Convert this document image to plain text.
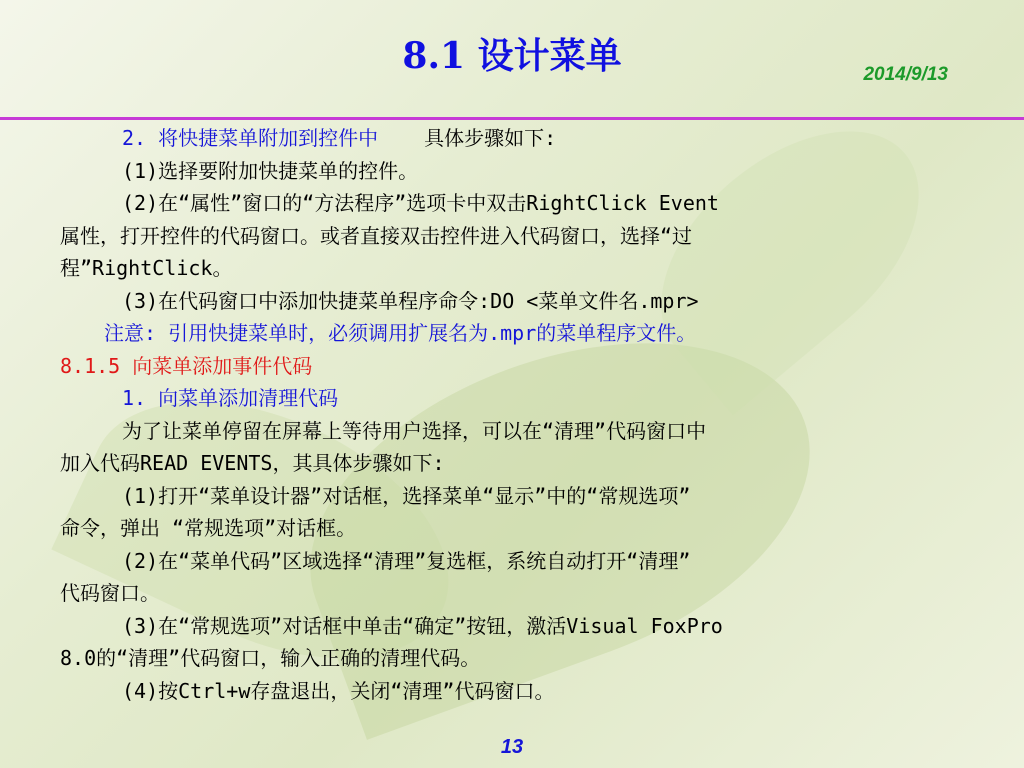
8.1 设计菜单	2014/9/13
2. 将快捷菜单附加到控件中 具体步骤如下:
(1)选择要附加快捷菜单的控件。
(2)在“属性”窗口的“方法程序”选项卡中双击RightClick Event
属性，打开控件的代码窗口。或者直接双击控件进入代码窗口，选择“过
程”RightClick。
(3)在代码窗口中添加快捷菜单程序命令:DO <菜单文件名.mpr>
注意: 引用快捷菜单时，必须调用扩展名为.mpr的菜单程序文件。
8.1.5 向菜单添加事件代码
1. 向菜单添加清理代码
为了让菜单停留在屏幕上等待用户选择，可以在“清理”代码窗口中
加入代码READ EVENTS，其具体步骤如下:
(1)打开“菜单设计器”对话框，选择菜单“显示”中的“常规选项”
命令，弹出 “常规选项”对话框。
(2)在“菜单代码”区域选择“清理”复选框，系统自动打开“清理”
代码窗口。
(3)在“常规选项”对话框中单击“确定”按钮，激活Visual FoxPro
8.0的“清理”代码窗口，输入正确的清理代码。
(4)按Ctrl+w存盘退出，关闭“清理”代码窗口。
13
